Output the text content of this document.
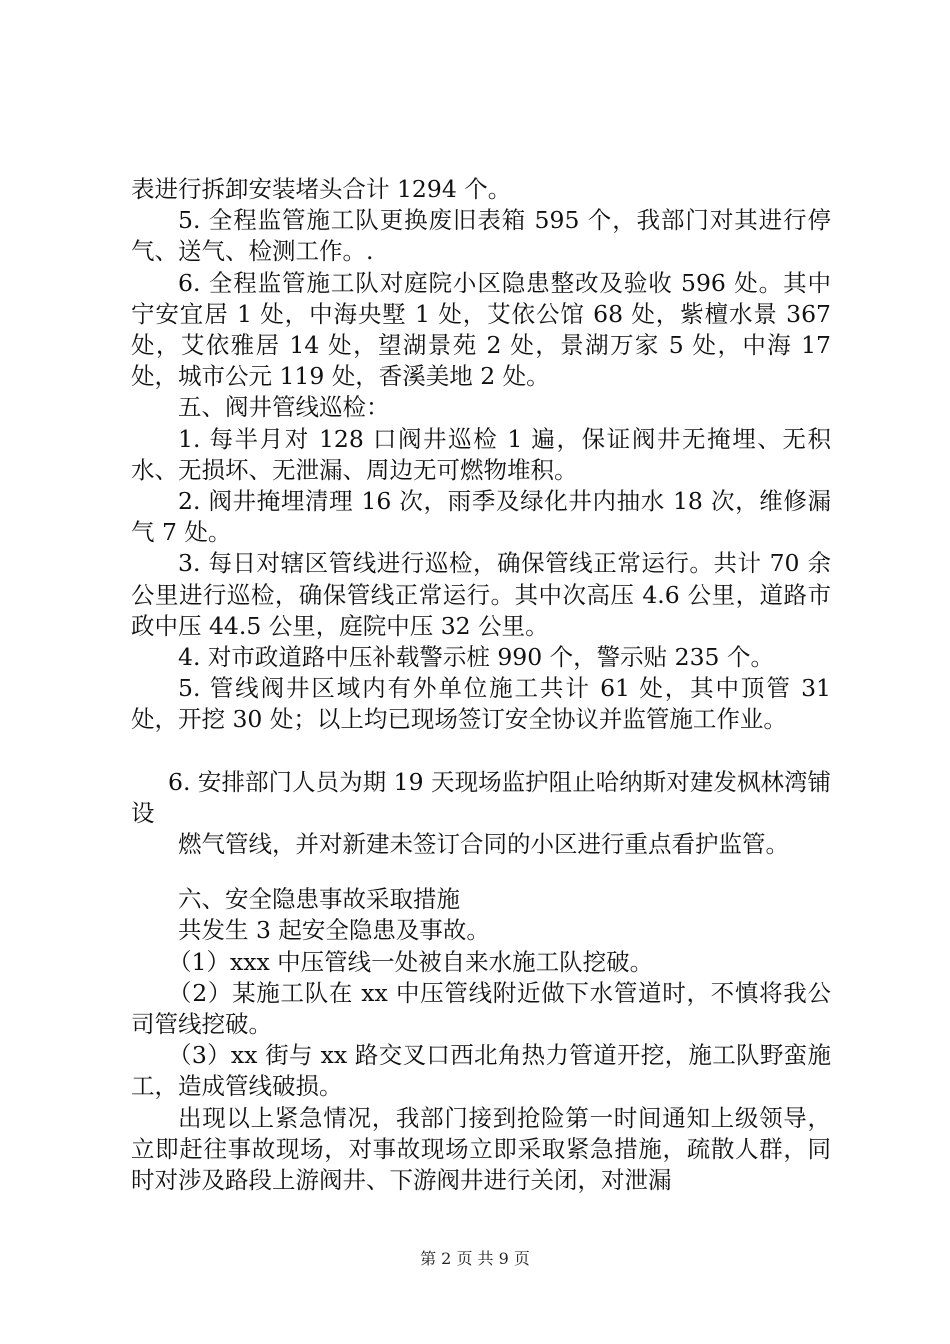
表进行拆卸安装堵头合计 1294 个。

5. 全程监管施工队更换废旧表箱 595 个，我部门对其进行停气、送气、检测工作。.

6. 全程监管施工队对庭院小区隐患整改及验收 596 处。其中宁安宜居 1 处，中海央墅 1 处，艾依公馆 68 处，紫檀水景 367 处，艾依雅居 14 处，望湖景苑 2 处，景湖万家 5 处，中海 17 处，城市公元 119 处，香溪美地 2 处。

五、阀井管线巡检：

1. 每半月对 128 口阀井巡检 1 遍，保证阀井无掩埋、无积水、无损坏、无泄漏、周边无可燃物堆积。

2. 阀井掩埋清理 16 次，雨季及绿化井内抽水 18 次，维修漏气 7 处。

3. 每日对辖区管线进行巡检，确保管线正常运行。共计 70 余公里进行巡检，确保管线正常运行。其中次高压 4.6 公里，道路市政中压 44.5 公里，庭院中压 32 公里。

4. 对市政道路中压补载警示桩 990 个，警示贴 235 个。

5. 管线阀井区域内有外单位施工共计 61 处，其中顶管 31 处，开挖 30 处；以上均已现场签订安全协议并监管施工作业。

6. 安排部门人员为期 19 天现场监护阻止哈纳斯对建发枫林湾铺设

燃气管线，并对新建未签订合同的小区进行重点看护监管。

六、安全隐患事故采取措施

共发生 3 起安全隐患及事故。

（1）xxx 中压管线一处被自来水施工队挖破。

（2）某施工队在 xx 中压管线附近做下水管道时，不慎将我公司管线挖破。

（3）xx 街与 xx 路交叉口西北角热力管道开挖，施工队野蛮施工，造成管线破损。

出现以上紧急情况，我部门接到抢险第一时间通知上级领导，立即赶往事故现场，对事故现场立即采取紧急措施，疏散人群，同时对涉及路段上游阀井、下游阀井进行关闭，对泄漏

第 2 页 共 9 页
